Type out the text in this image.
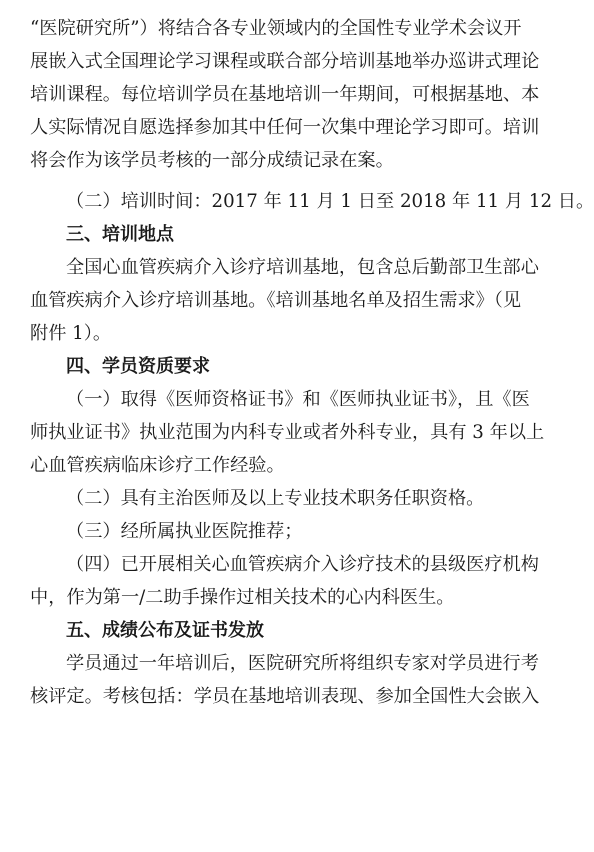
“医院研究所”）将结合各专业领域内的全国性专业学术会议开
展嵌入式全国理论学习课程或联合部分培训基地举办巡讲式理论
培训课程。每位培训学员在基地培训一年期间，可根据基地、本
人实际情况自愿选择参加其中任何一次集中理论学习即可。培训
将会作为该学员考核的一部分成绩记录在案。
（二）培训时间：2017 年 11 月 1 日至 2018 年 11 月 12 日。
三、培训地点
全国心血管疾病介入诊疗培训基地，包含总后勤部卫生部心
血管疾病介入诊疗培训基地。《培训基地名单及招生需求》（见
附件 1）。
四、学员资质要求
（一）取得《医师资格证书》和《医师执业证书》，且《医
师执业证书》执业范围为内科专业或者外科专业，具有 3 年以上
心血管疾病临床诊疗工作经验。
（二）具有主治医师及以上专业技术职务任职资格。
（三）经所属执业医院推荐；
（四）已开展相关心血管疾病介入诊疗技术的县级医疗机构
中，作为第一/二助手操作过相关技术的心内科医生。
五、成绩公布及证书发放
学员通过一年培训后，医院研究所将组织专家对学员进行考
核评定。考核包括：学员在基地培训表现、参加全国性大会嵌入
